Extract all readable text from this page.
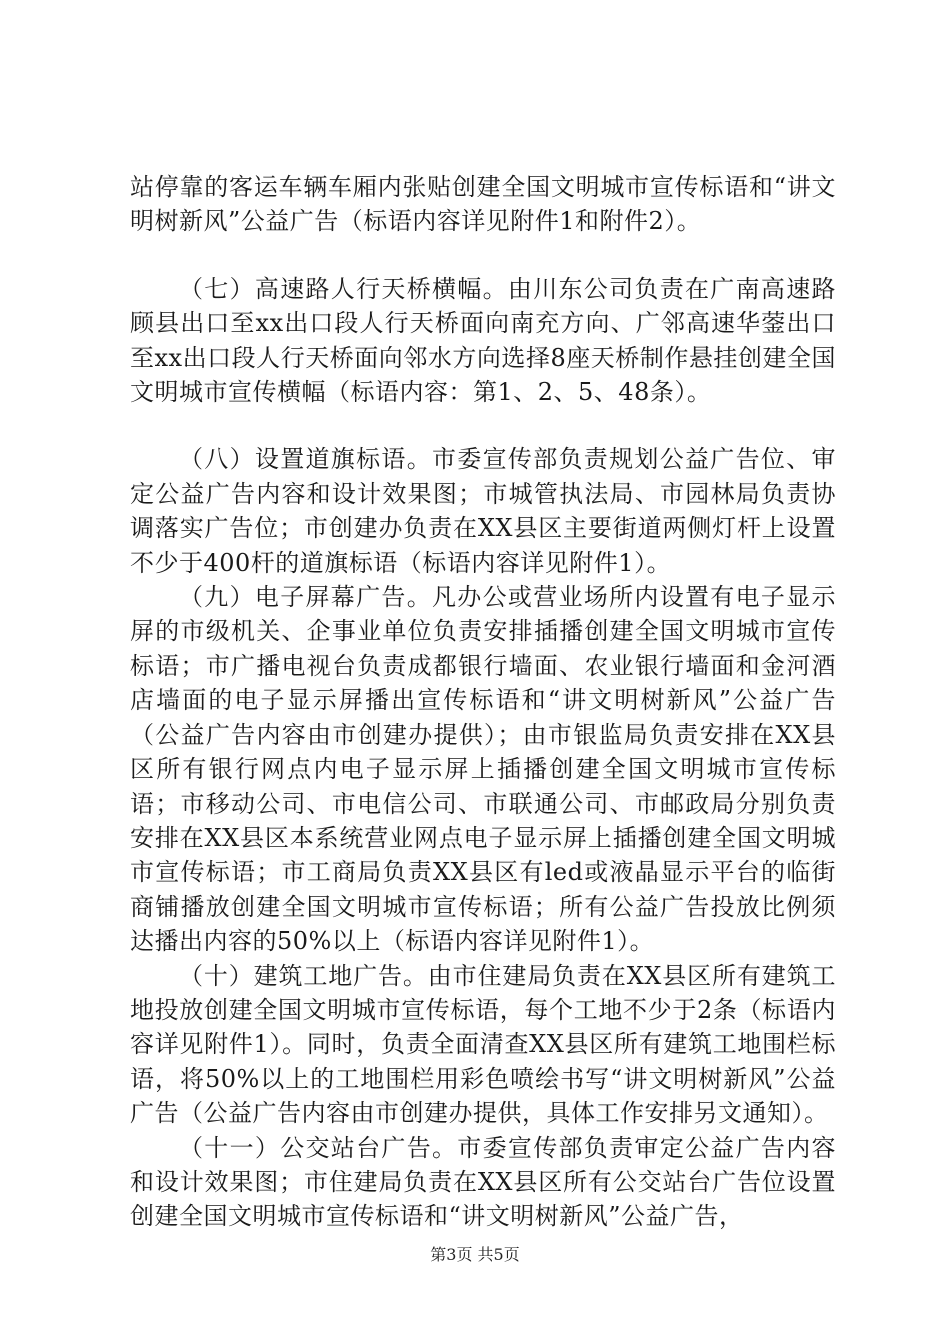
站停靠的客运车辆车厢内张贴创建全国文明城市宣传标语和“讲文明树新风”公益广告（标语内容详见附件1和附件2）。

（七）高速路人行天桥横幅。由川东公司负责在广南高速路顾县出口至xx出口段人行天桥面向南充方向、广邻高速华蓥出口至xx出口段人行天桥面向邻水方向选择8座天桥制作悬挂创建全国文明城市宣传横幅（标语内容：第1、2、5、48条）。

（八）设置道旗标语。市委宣传部负责规划公益广告位、审定公益广告内容和设计效果图；市城管执法局、市园林局负责协调落实广告位；市创建办负责在XX县区主要街道两侧灯杆上设置不少于400杆的道旗标语（标语内容详见附件1）。

（九）电子屏幕广告。凡办公或营业场所内设置有电子显示屏的市级机关、企事业单位负责安排插播创建全国文明城市宣传标语；市广播电视台负责成都银行墙面、农业银行墙面和金河酒店墙面的电子显示屏播出宣传标语和“讲文明树新风”公益广告（公益广告内容由市创建办提供）；由市银监局负责安排在XX县区所有银行网点内电子显示屏上插播创建全国文明城市宣传标语；市移动公司、市电信公司、市联通公司、市邮政局分别负责安排在XX县区本系统营业网点电子显示屏上插播创建全国文明城市宣传标语；市工商局负责XX县区有led或液晶显示平台的临街商铺播放创建全国文明城市宣传标语；所有公益广告投放比例须达播出内容的50%以上（标语内容详见附件1）。

（十）建筑工地广告。由市住建局负责在XX县区所有建筑工地投放创建全国文明城市宣传标语，每个工地不少于2条（标语内容详见附件1）。同时，负责全面清查XX县区所有建筑工地围栏标语，将50%以上的工地围栏用彩色喷绘书写“讲文明树新风”公益广告（公益广告内容由市创建办提供，具体工作安排另文通知）。

（十一）公交站台广告。市委宣传部负责审定公益广告内容和设计效果图；市住建局负责在XX县区所有公交站台广告位设置创建全国文明城市宣传标语和“讲文明树新风”公益广告，

第3页 共5页
